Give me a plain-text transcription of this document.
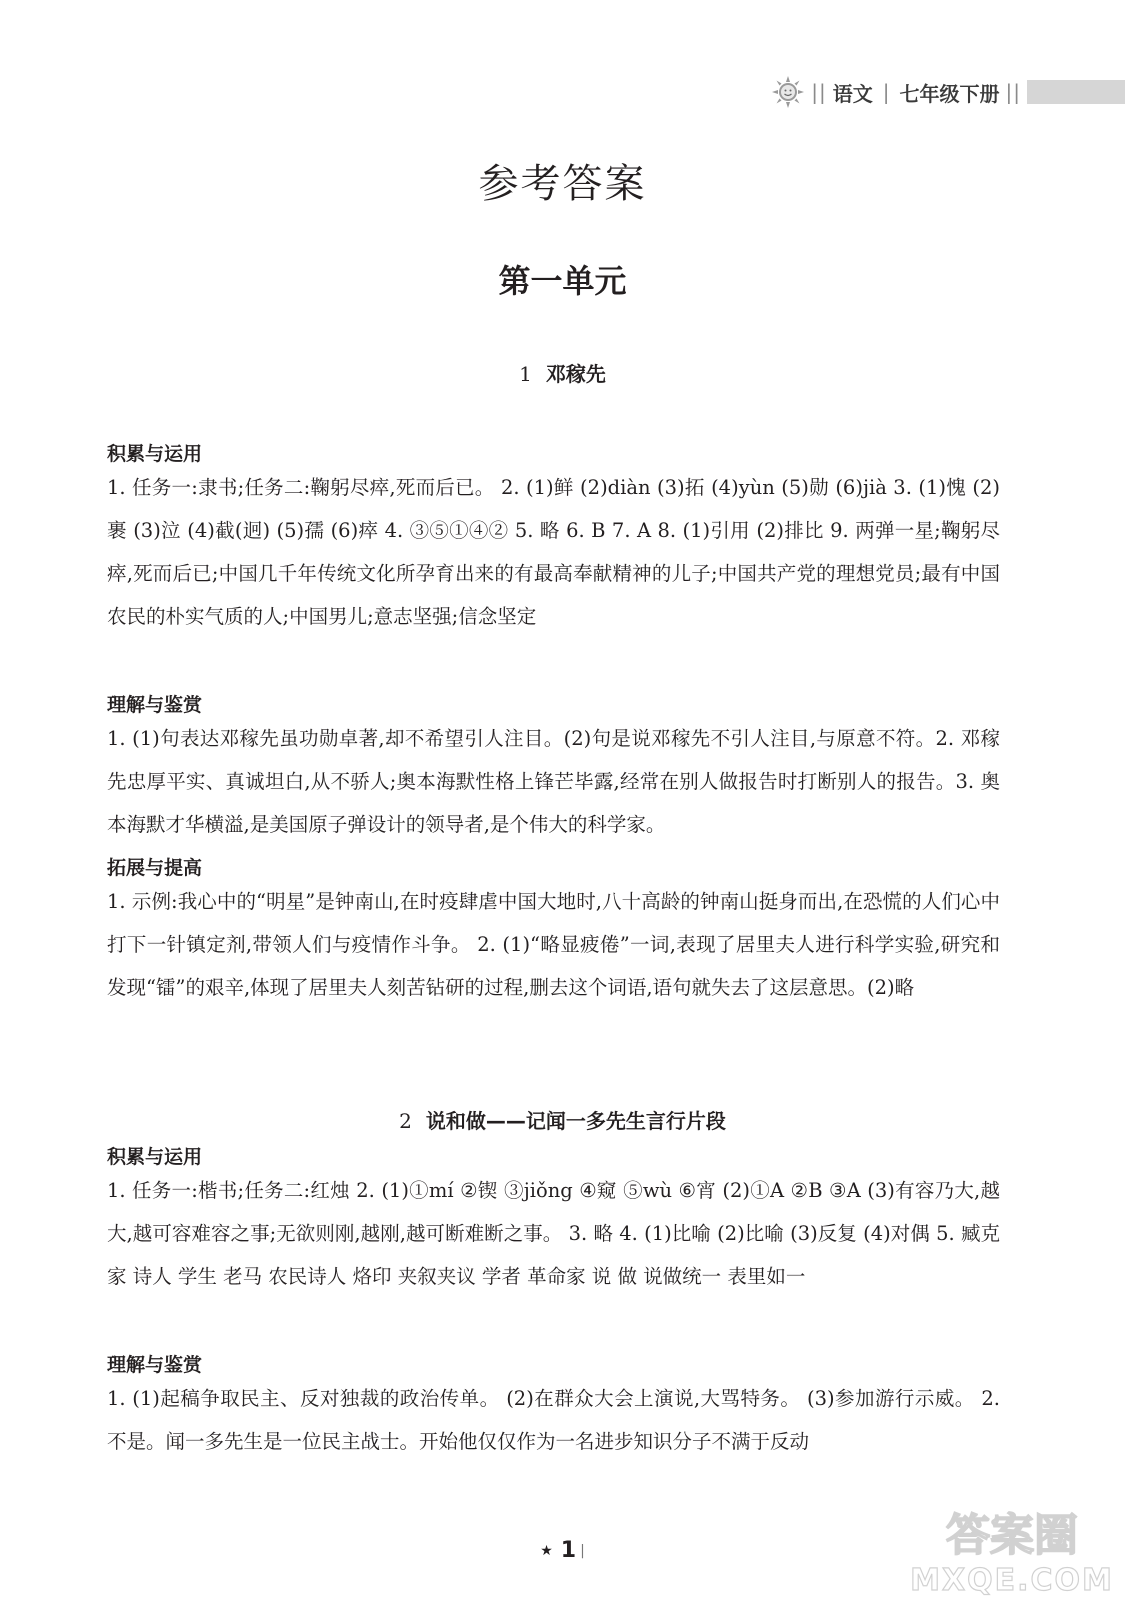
|| 语文 | 七年级下册 ||
参考答案
第一单元
1 邓稼先
积累与运用
1. 任务一:隶书;任务二:鞠躬尽瘁,死而后已。 2. (1)鲜 (2)diàn (3)拓 (4)yùn (5)勋 (6)jià 3. (1)愧 (2)裹 (3)泣 (4)截(迥) (5)孺 (6)瘁 4. ③⑤①④② 5. 略 6. B 7. A 8. (1)引用 (2)排比 9. 两弹一星;鞠躬尽瘁,死而后已;中国几千年传统文化所孕育出来的有最高奉献精神的儿子;中国共产党的理想党员;最有中国农民的朴实气质的人;中国男儿;意志坚强;信念坚定
理解与鉴赏
1. (1)句表达邓稼先虽功勋卓著,却不希望引人注目。(2)句是说邓稼先不引人注目,与原意不符。2. 邓稼先忠厚平实、真诚坦白,从不骄人;奥本海默性格上锋芒毕露,经常在别人做报告时打断别人的报告。3. 奥本海默才华横溢,是美国原子弹设计的领导者,是个伟大的科学家。
拓展与提高
1. 示例:我心中的“明星”是钟南山,在时疫肆虐中国大地时,八十高龄的钟南山挺身而出,在恐慌的人们心中打下一针镇定剂,带领人们与疫情作斗争。 2. (1)“略显疲倦”一词,表现了居里夫人进行科学实验,研究和发现“镭”的艰辛,体现了居里夫人刻苦钻研的过程,删去这个词语,语句就失去了这层意思。(2)略
2 说和做——记闻一多先生言行片段
积累与运用
1. 任务一:楷书;任务二:红烛 2. (1)①mí ②锲 ③jiǒng ④窥 ⑤wù ⑥宵 (2)①A ②B ③A (3)有容乃大,越大,越可容难容之事;无欲则刚,越刚,越可断难断之事。 3. 略 4. (1)比喻 (2)比喻 (3)反复 (4)对偶 5. 臧克家 诗人 学生 老马 农民诗人 烙印 夹叙夹议 学者 革命家 说 做 说做统一 表里如一
理解与鉴赏
1. (1)起稿争取民主、反对独裁的政治传单。 (2)在群众大会上演说,大骂特务。 (3)参加游行示威。 2. 不是。闻一多先生是一位民主战士。开始他仅仅作为一名进步知识分子不满于反动
★ 1 |	答案圈
MXQE.COM
